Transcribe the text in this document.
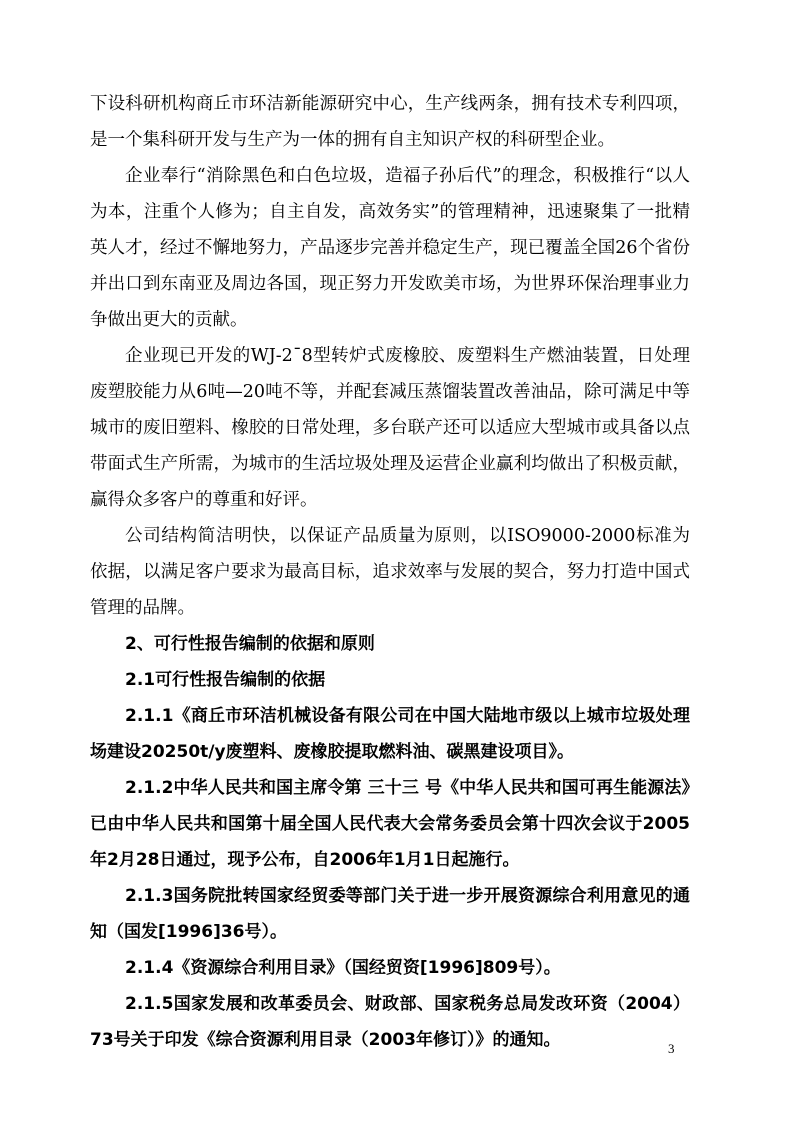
下设科研机构商丘市环洁新能源研究中心，生产线两条，拥有技术专利四项，是一个集科研开发与生产为一体的拥有自主知识产权的科研型企业。

企业奉行“消除黑色和白色垃圾，造福子孙后代”的理念，积极推行“以人为本，注重个人修为；自主自发，高效务实”的管理精神，迅速聚集了一批精英人才，经过不懈地努力，产品逐步完善并稳定生产，现已覆盖全国26个省份并出口到东南亚及周边各国，现正努力开发欧美市场，为世界环保治理事业力争做出更大的贡献。

企业现已开发的WJ-2¯8型转炉式废橡胶、废塑料生产燃油装置，日处理废塑胶能力从6吨—20吨不等，并配套减压蒸馏装置改善油品，除可满足中等城市的废旧塑料、橡胶的日常处理，多台联产还可以适应大型城市或具备以点带面式生产所需，为城市的生活垃圾处理及运营企业赢利均做出了积极贡献，赢得众多客户的尊重和好评。

公司结构简洁明快，以保证产品质量为原则，以ISO9000-2000标准为依据，以满足客户要求为最高目标，追求效率与发展的契合，努力打造中国式管理的品牌。

2、可行性报告编制的依据和原则

2.1可行性报告编制的依据

2.1.1《商丘市环洁机械设备有限公司在中国大陆地市级以上城市垃圾处理场建设20250t/y废塑料、废橡胶提取燃料油、碳黑建设项目》。

2.1.2中华人民共和国主席令第 三十三 号《中华人民共和国可再生能源法》已由中华人民共和国第十届全国人民代表大会常务委员会第十四次会议于2005年2月28日通过，现予公布，自2006年1月1日起施行。

2.1.3国务院批转国家经贸委等部门关于进一步开展资源综合利用意见的通知（国发[1996]36号）。

2.1.4《资源综合利用目录》（国经贸资[1996]809号）。

2.1.5国家发展和改革委员会、财政部、国家税务总局发改环资（2004）73号关于印发《综合资源利用目录（2003年修订）》的通知。	3
